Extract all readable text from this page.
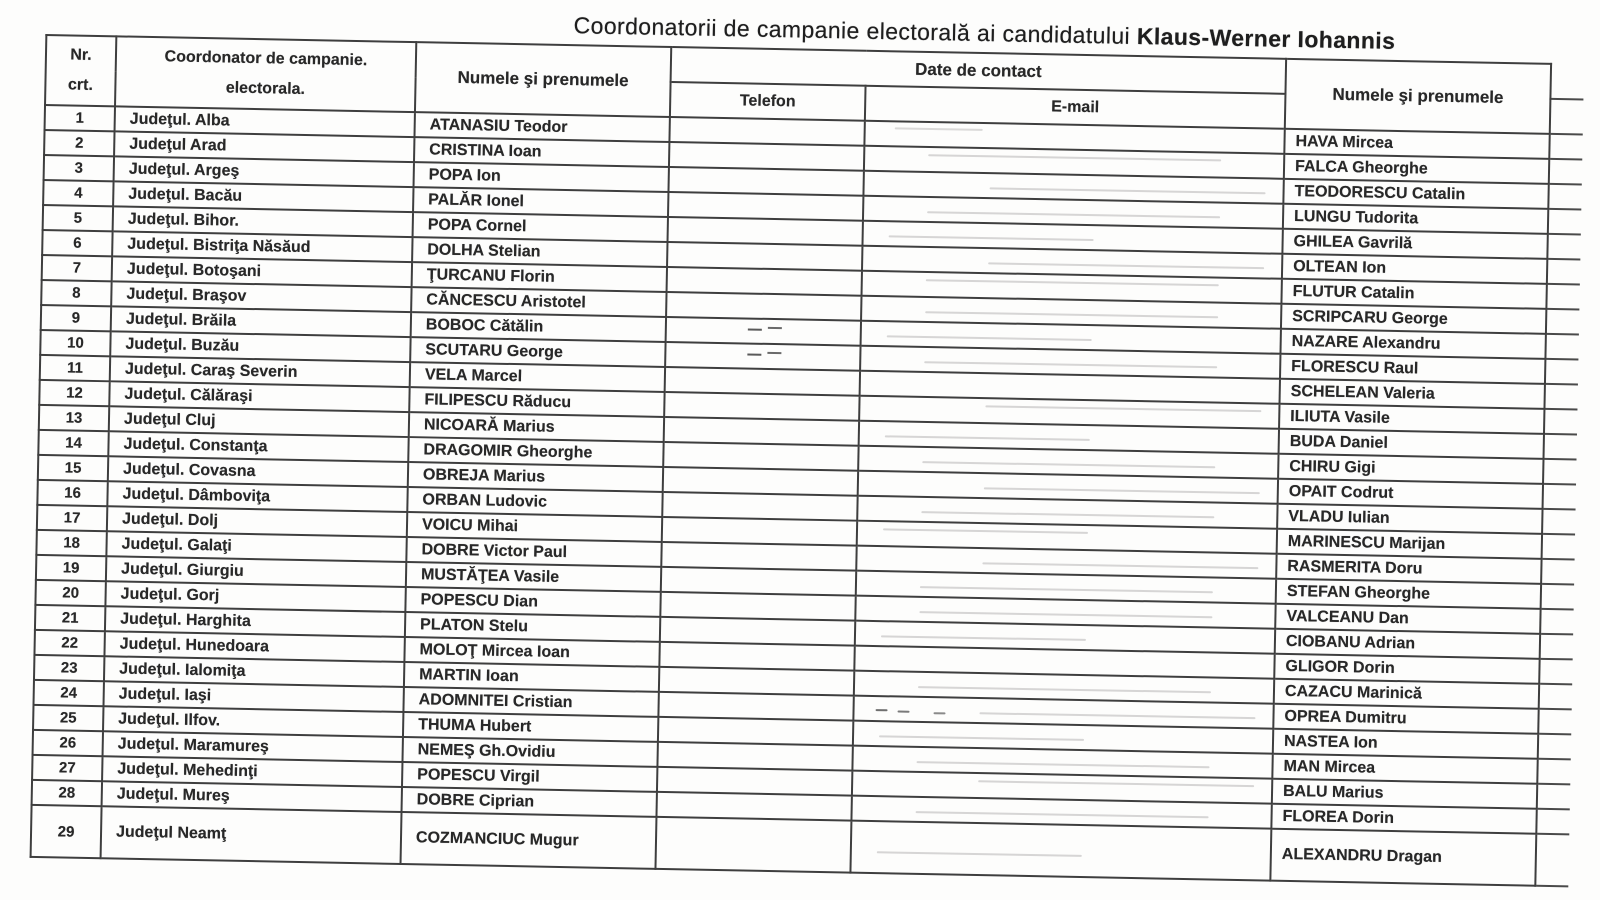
Coordonatorii de campanie electorală ai candidatului Klaus-Werner Iohannis
Nr.
crt.

Coordonator de campanie.
electorala.	Numele şi prenumele	Date de contact	Numele şi prenumele	
			Telefon	E-mail		
1	Judeţul. Alba	ATANASIU Teodor			HAVA Mircea	
2	Judeţul Arad	CRISTINA Ioan			FALCA Gheorghe	
3	Judeţul. Argeş	POPA Ion			TEODORESCU Catalin	
4	Judeţul. Bacău	PALĂR Ionel			LUNGU Tudorita	
5	Judeţul. Bihor.	POPA Cornel			GHILEA Gavrilă	
6	Judeţul. Bistriţa Năsăud	DOLHA Stelian			OLTEAN Ion	
7	Judeţul. Botoşani	ŢURCANU Florin			FLUTUR Catalin	
8	Judeţul. Braşov	CĂNCESCU Aristotel			SCRIPCARU George	
9	Judeţul. Brăila	BOBOC Cătălin			NAZARE Alexandru	
10	Judeţul. Buzău	SCUTARU George			FLORESCU Raul	
11	Judeţul. Caraş Severin	VELA Marcel			SCHELEAN Valeria	
12	Judeţul. Călăraşi	FILIPESCU Răducu			ILIUTA Vasile	
13	Judeţul Cluj	NICOARĂ Marius			BUDA Daniel	
14	Judeţul. Constanţa	DRAGOMIR Gheorghe			CHIRU Gigi	
15	Judeţul. Covasna	OBREJA Marius			OPAIT Codrut	
16	Judeţul. Dâmboviţa	ORBAN Ludovic			VLADU Iulian	
17	Judeţul. Dolj	VOICU Mihai			MARINESCU Marijan	
18	Judeţul. Galaţi	DOBRE Victor Paul			RASMERITA Doru	
19	Judeţul. Giurgiu	MUSTĂŢEA Vasile			STEFAN Gheorghe	
20	Judeţul. Gorj	POPESCU Dian			VALCEANU Dan	
21	Judeţul. Harghita	PLATON Stelu			CIOBANU Adrian	
22	Judeţul. Hunedoara	MOLOŢ Mircea Ioan			GLIGOR Dorin	
23	Judeţul. Ialomiţa	MARTIN Ioan			CAZACU Marinică	
24	Judeţul. Iaşi	ADOMNITEI Cristian			OPREA Dumitru	
25	Judeţul. Ilfov.	THUMA Hubert			NASTEA Ion	
26	Judeţul. Maramureş	NEMEŞ Gh.Ovidiu			MAN Mircea	
27	Judeţul. Mehedinţi	POPESCU Virgil			BALU Marius	
28	Judeţul. Mureş	DOBRE Ciprian			FLOREA Dorin	
29	Judeţul Neamţ	COZMANCIUC Mugur			ALEXANDRU Dragan	
